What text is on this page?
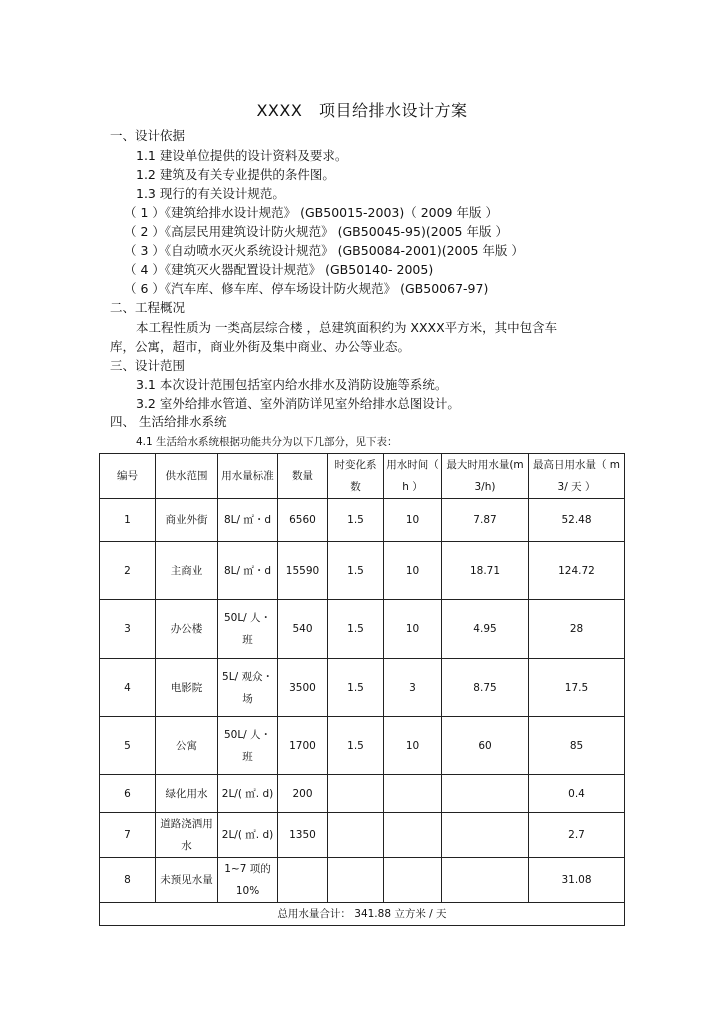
XXXX 项目给排水设计方案
一、设计依据
1.1 建设单位提供的设计资料及要求。
1.2 建筑及有关专业提供的条件图。
1.3 现行的有关设计规范。
（ 1 ）《建筑给排水设计规范》 (GB50015-2003)（ 2009 年版 ）
（ 2 ）《高层民用建筑设计防火规范》 (GB50045-95)(2005 年版 ）
（ 3 ）《自动喷水灭火系统设计规范》 (GB50084-2001)(2005 年版 ）
（ 4 ）《建筑灭火器配置设计规范》 (GB50140- 2005)
（ 6 ）《汽车库、修车库、停车场设计防火规范》 (GB50067-97)
二、工程概况
本工程性质为 一类高层综合楼 ，总建筑面积约为 XXXX平方米，其中包含车
库，公寓，超市，商业外街及集中商业、办公等业态。
三、设计范围
3.1 本次设计范围包括室内给水排水及消防设施等系统。
3.2 室外给排水管道、室外消防详见室外给排水总图设计。
四、 生活给排水系统
4.1 生活给水系统根据功能共分为以下几部分，见下表：
编号	供水范围	用水量标准	数量	时变化系数	用水时间（ h ）	最大时用水量(m3/h)	最高日用水量（ m3/ 天 ）
1	商业外街	8L/ ㎡・d	6560	1.5	10	7.87	52.48
2	主商业	8L/ ㎡・d	15590	1.5	10	18.71	124.72
3	办公楼	50L/ 人・班	540	1.5	10	4.95	28
4	电影院	5L/ 观众・场	3500	1.5	3	8.75	17.5
5	公寓	50L/ 人・班	1700	1.5	10	60	85
6	绿化用水	2L/( ㎡. d)	200				0.4
7	道路浇洒用水	2L/( ㎡. d)	1350				2.7
8	未预见水量	1~7 项的 10%					31.08
总用水量合计： 341.88 立方米 / 天							
